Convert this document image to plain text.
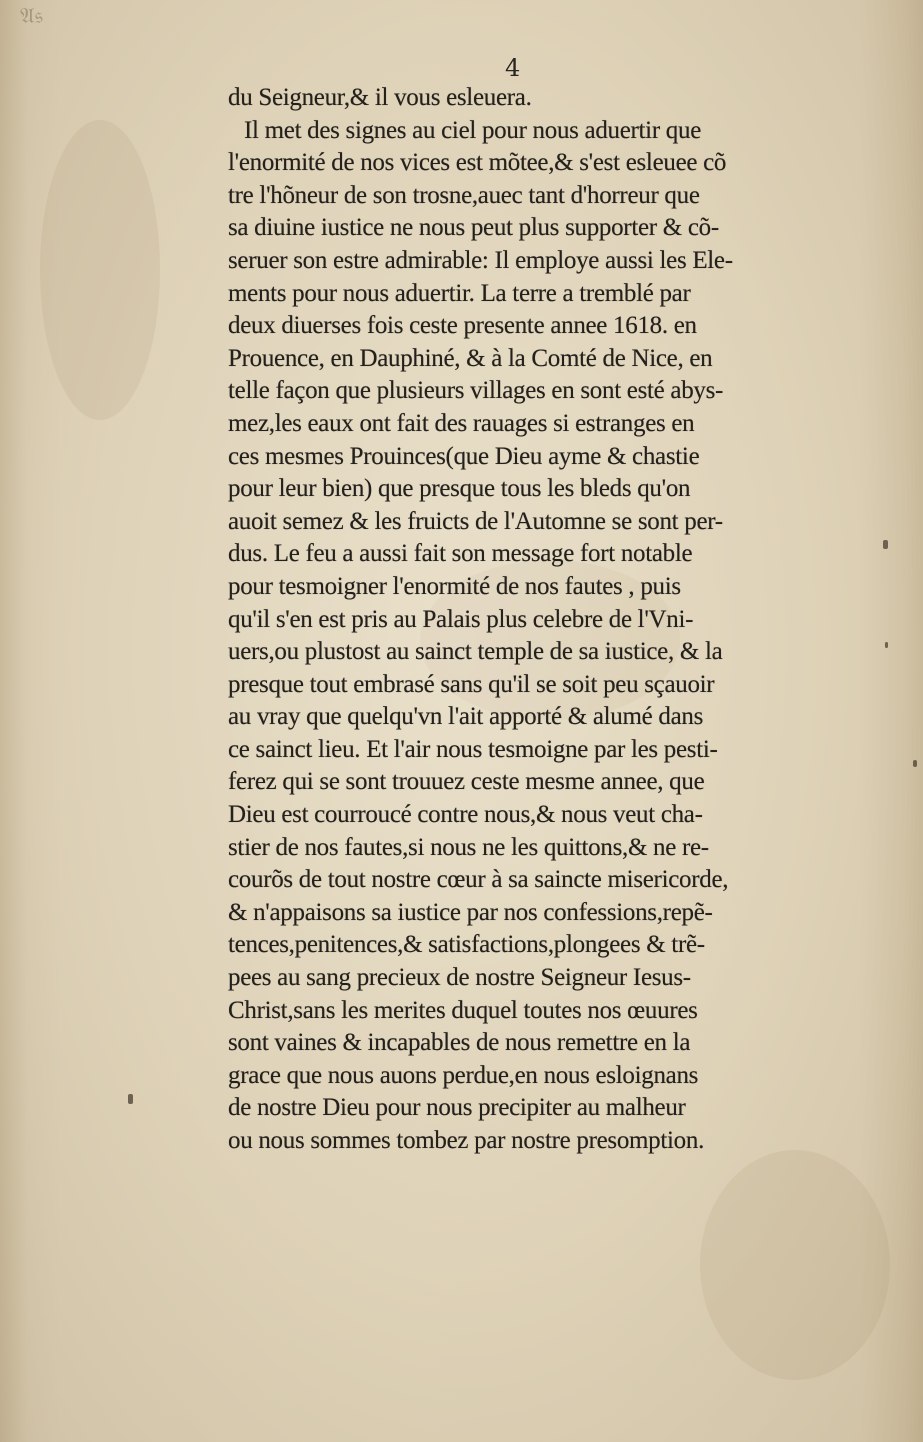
𝔄𝔰
4
du Seigneur,& il vous esleuera.
Il met des signes au ciel pour nous aduertir que
l'enormité de nos vices est mõtee,& s'est esleuee cõ
tre l'hõneur de son trosne,auec tant d'horreur que
sa diuine iustice ne nous peut plus supporter & cõ-
seruer son estre admirable: Il employe aussi les Ele-
ments pour nous aduertir. La terre a tremblé par
deux diuerses fois ceste presente annee 1618. en
Prouence, en Dauphiné, & à la Comté de Nice, en
telle façon que plusieurs villages en sont esté abys-
mez,les eaux ont fait des rauages si estranges en
ces mesmes Prouinces(que Dieu ayme & chastie
pour leur bien) que presque tous les bleds qu'on
auoit semez & les fruicts de l'Automne se sont per-
dus. Le feu a aussi fait son message fort notable
pour tesmoigner l'enormité de nos fautes , puis
qu'il s'en est pris au Palais plus celebre de l'Vni-
uers,ou plustost au sainct temple de sa iustice, & la
presque tout embrasé sans qu'il se soit peu sçauoir
au vray que quelqu'vn l'ait apporté & alumé dans
ce sainct lieu. Et l'air nous tesmoigne par les pesti-
ferez qui se sont trouuez ceste mesme annee, que
Dieu est courroucé contre nous,& nous veut cha-
stier de nos fautes,si nous ne les quittons,& ne re-
courõs de tout nostre cœur à sa saincte misericorde,
& n'appaisons sa iustice par nos confessions,repẽ-
tences,penitences,& satisfactions,plongees & trẽ-
pees au sang precieux de nostre Seigneur Iesus-
Christ,sans les merites duquel toutes nos œuures
sont vaines & incapables de nous remettre en la
grace que nous auons perdue,en nous esloignans
de nostre Dieu pour nous precipiter au malheur
ou nous sommes tombez par nostre presomption.
